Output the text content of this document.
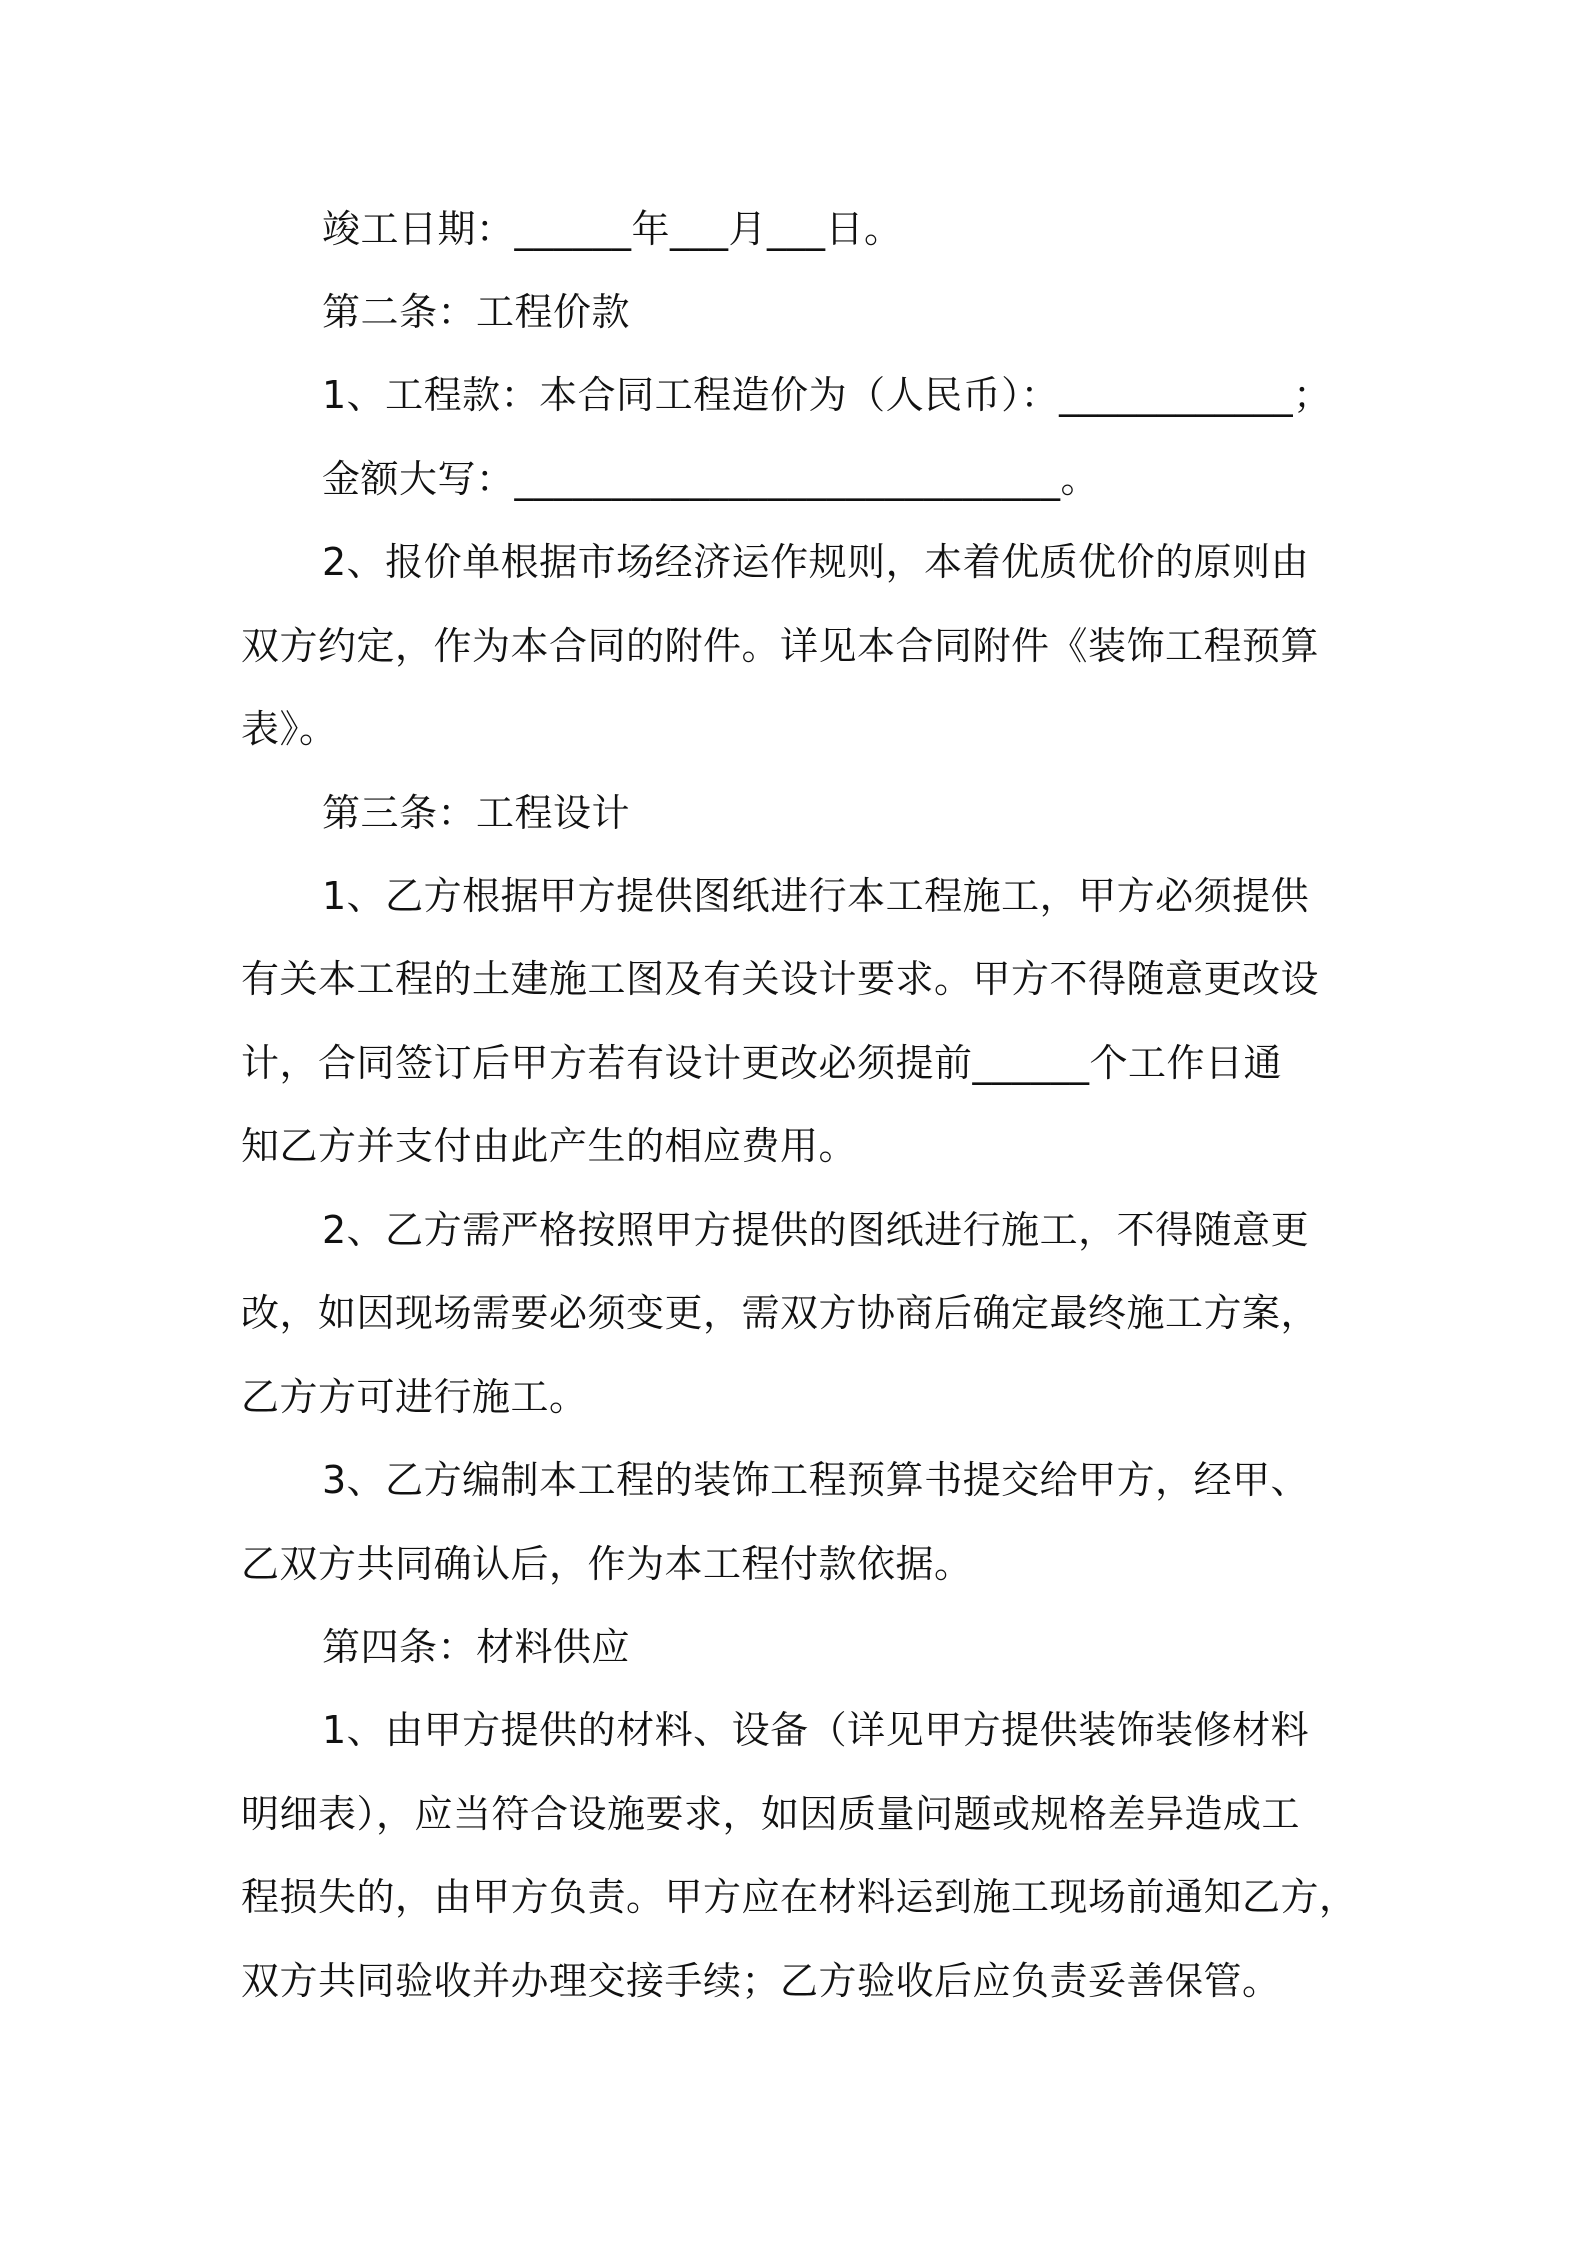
竣工日期：______年___月___日。
第二条：工程价款
1、工程款：本合同工程造价为（人民币）：____________；
金额大写：____________________________。
2、报价单根据市场经济运作规则，本着优质优价的原则由
双方约定，作为本合同的附件。详见本合同附件《装饰工程预算
表》。
第三条：工程设计
1、乙方根据甲方提供图纸进行本工程施工，甲方必须提供
有关本工程的土建施工图及有关设计要求。甲方不得随意更改设
计，合同签订后甲方若有设计更改必须提前______个工作日通
知乙方并支付由此产生的相应费用。
2、乙方需严格按照甲方提供的图纸进行施工，不得随意更
改，如因现场需要必须变更，需双方协商后确定最终施工方案，
乙方方可进行施工。
3、乙方编制本工程的装饰工程预算书提交给甲方，经甲、
乙双方共同确认后，作为本工程付款依据。
第四条：材料供应
1、由甲方提供的材料、设备（详见甲方提供装饰装修材料
明细表），应当符合设施要求，如因质量问题或规格差异造成工
程损失的，由甲方负责。甲方应在材料运到施工现场前通知乙方，
双方共同验收并办理交接手续；乙方验收后应负责妥善保管。
